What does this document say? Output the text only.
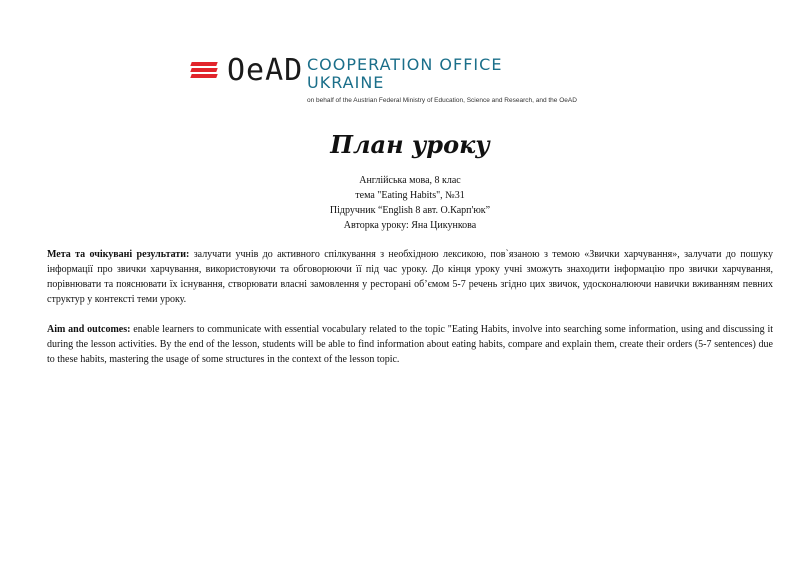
OeAD COOPERATION OFFICE
UKRAINE
on behalf of the Austrian Federal Ministry of Education, Science and Research, and the OeAD
План уроку
Англійська мова, 8 клас
тема "Eating Habits", №31
Підручник “English 8 авт. О.Карп'юк”
Авторка уроку: Яна Цикункова
Мета та очікувані результати: залучати учнів до активного спілкування з необхідною лексикою, пов`язаною з темою «Звички харчування», залучати до пошуку інформації про звички харчування, використовуючи та обговорюючи її під час уроку. До кінця уроку учні зможуть знаходити інформацію про звички харчування, порівнювати та пояснювати їх існування, створювати власні замовлення у ресторані об’ємом 5-7 речень згідно цих звичок, удосконалюючи навички вживанням певних структур у контексті теми уроку.
Aim and outcomes: enable learners to communicate with essential vocabulary related to the topic "Eating Habits, involve into searching some information, using and discussing it during the lesson activities. By the end of the lesson, students will be able to find information about eating habits, compare and explain them, create their orders (5-7 sentences) due to these habits, mastering the usage of some structures in the context of the lesson topic.
